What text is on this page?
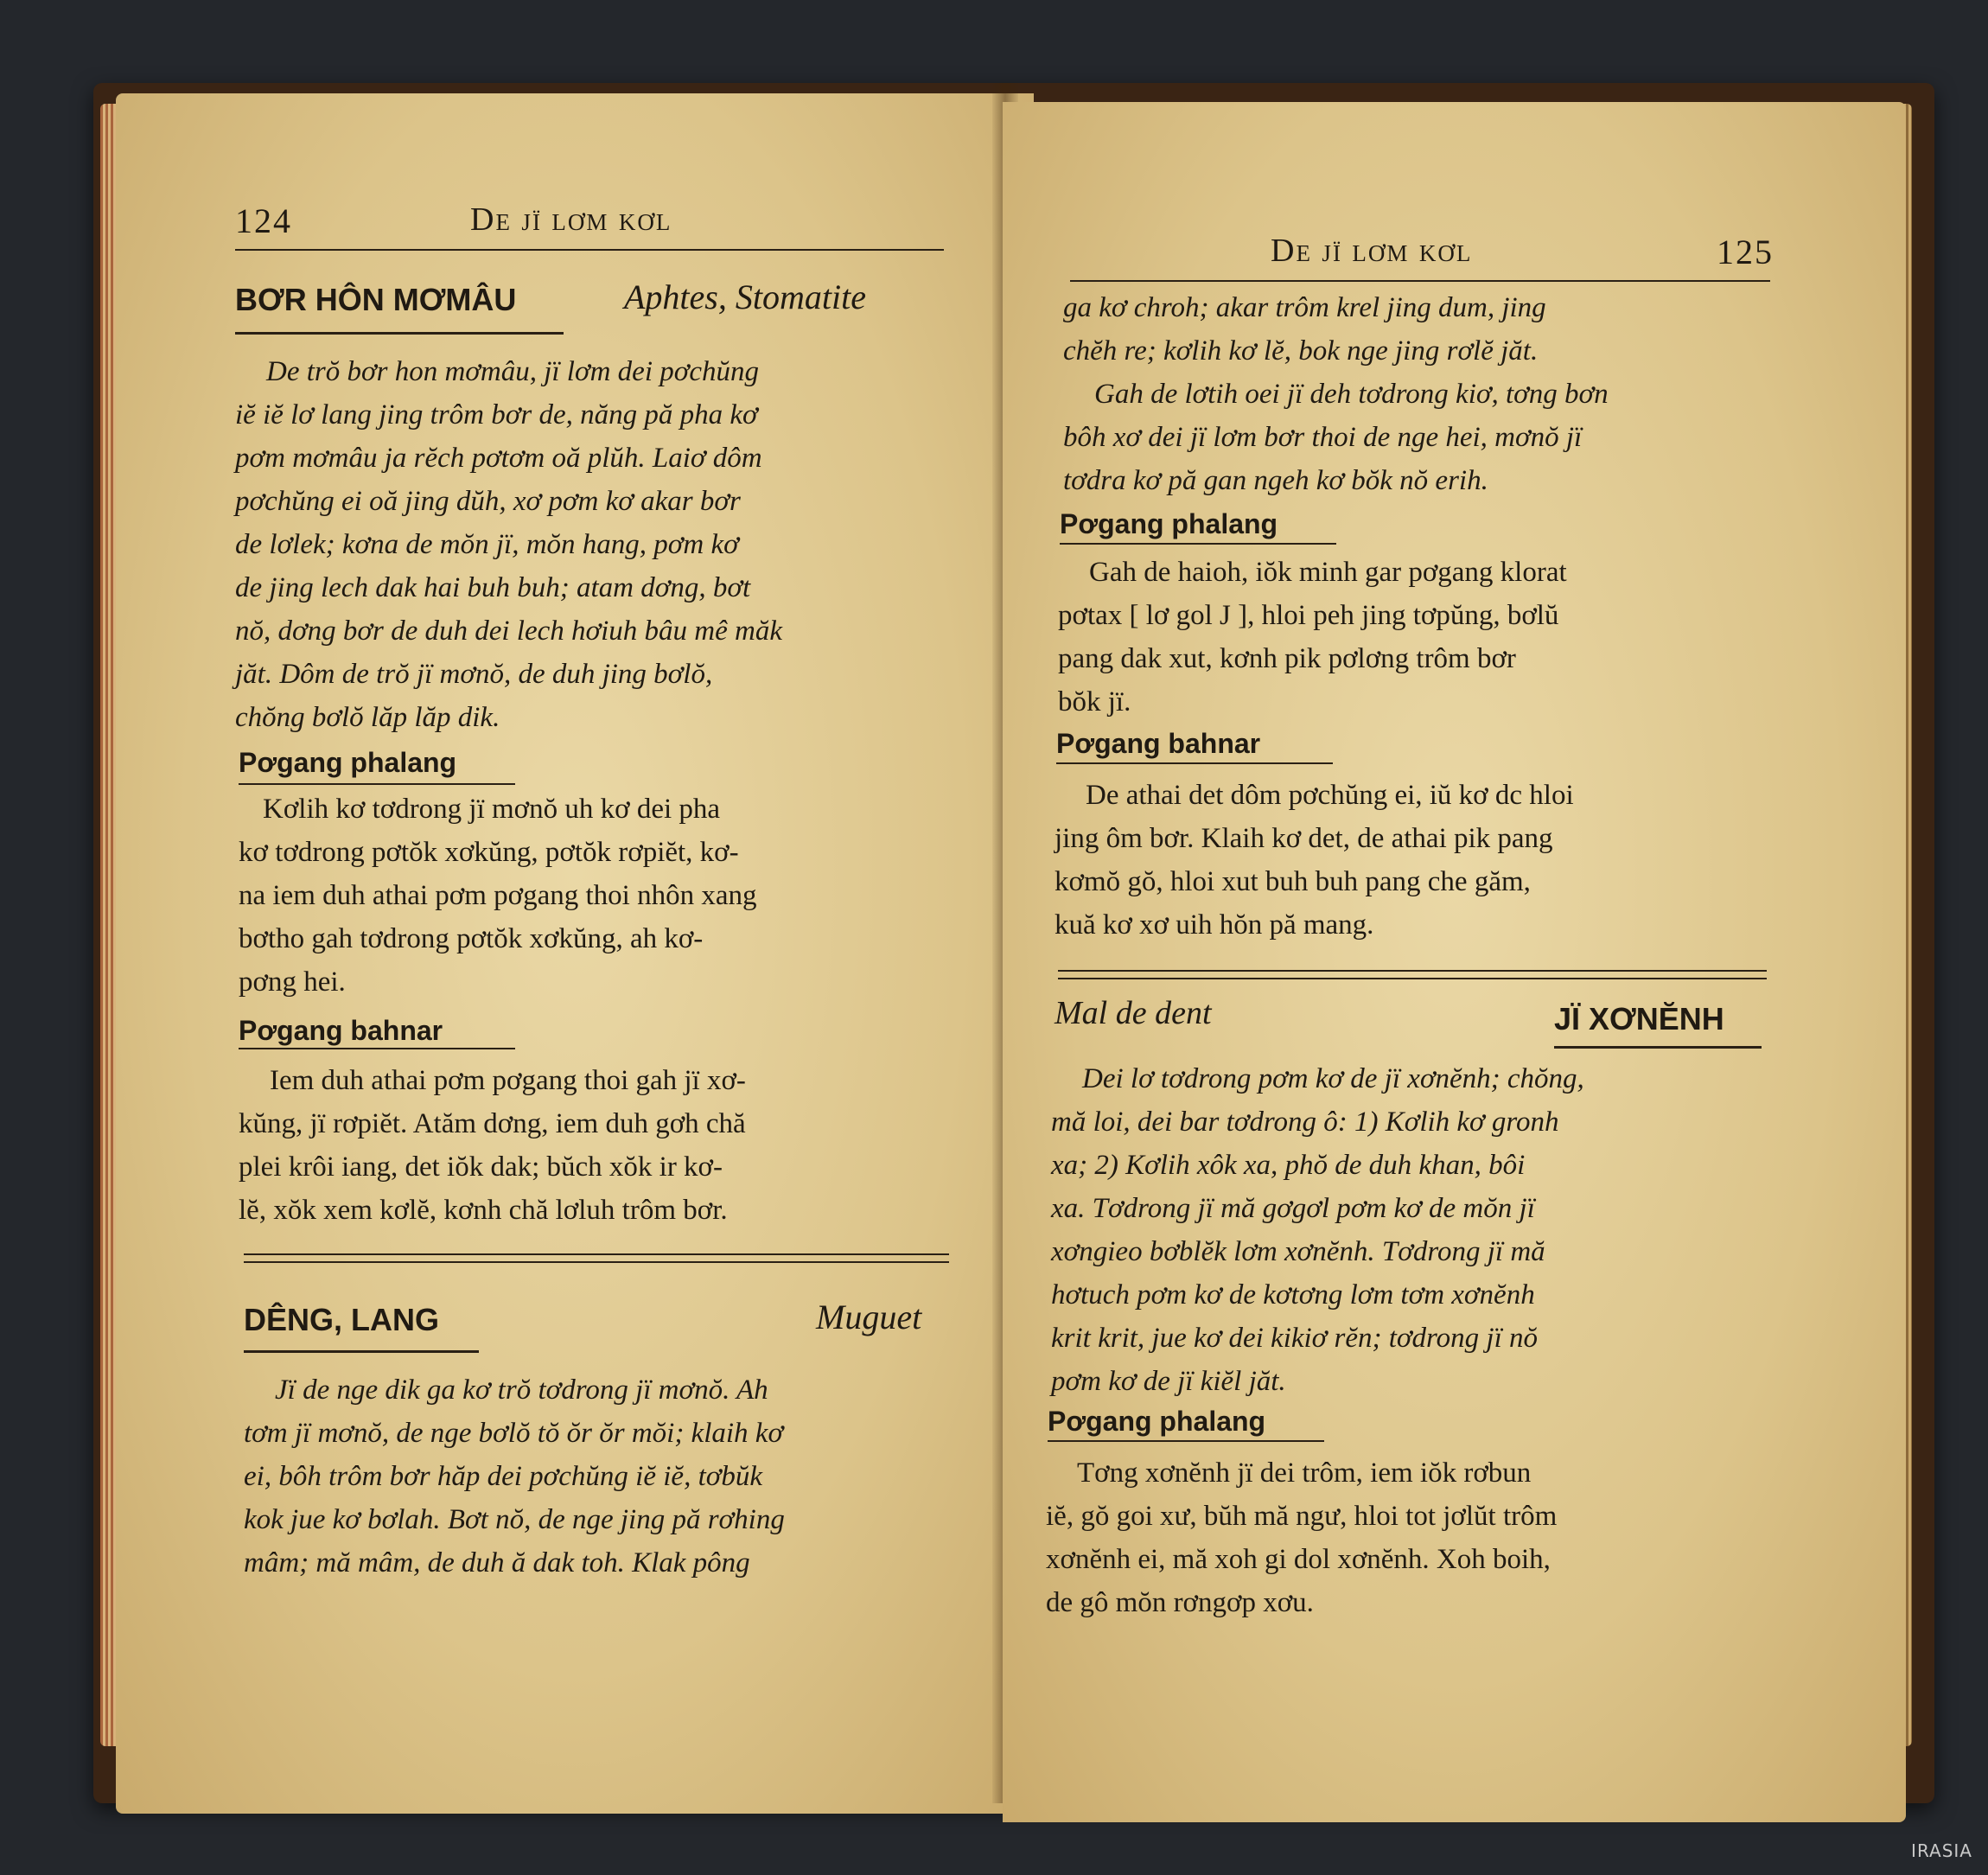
124	De jï lơm kơl
BƠR HÔN MƠMÂU	Aphtes, Stomatite
De trŏ bơr hon mơmâu, jï lơm dei pơchŭng
iĕ iĕ lơ lang jing trôm bơr de, năng pă pha kơ
pơm mơmâu ja rĕch pơtơm oă plŭh. Laiơ dôm
pơchŭng ei oă jing dŭh, xơ pơm kơ akar bơr
de lơlek; kơna de mŏn jï, mŏn hang, pơm kơ
de jing lech dak hai buh buh; atam dơng, bơt
nŏ, dơng bơr de duh dei lech hơiuh bâu mê măk
jăt. Dôm de trŏ jï mơnŏ, de duh jing bơlŏ,
chŏng bơlŏ lăp lăp dik.
Pơgang phalang
Kơlih kơ tơdrong jï mơnŏ uh kơ dei pha
kơ tơdrong pơtŏk xơkŭng, pơtŏk rơpiĕt, kơ-
na iem duh athai pơm pơgang thoi nhôn xang
bơtho gah tơdrong pơtŏk xơkŭng, ah kơ-
pơng hei.
Pơgang bahnar
Iem duh athai pơm pơgang thoi gah jï xơ-
kŭng, jï rơpiĕt. Atăm dơng, iem duh gơh chă
plei krôi iang, det iŏk dak; bŭch xŏk ir kơ-
lĕ, xŏk xem kơlĕ, kơnh chă lơluh trôm bơr.
DÊNG, LANG	Muguet
Jï de nge dik ga kơ trŏ tơdrong jï mơnŏ. Ah
tơm jï mơnŏ, de nge bơlŏ tŏ ŏr ŏr mŏi; klaih kơ
ei, bôh trôm bơr hăp dei pơchŭng iĕ iĕ, tơbŭk
kok jue kơ bơlah. Bơt nŏ, de nge jing pă rơhing
mâm; mă mâm, de duh ă dak toh. Klak pông
De jï lơm kơl	125
ga kơ chroh; akar trôm krel jing dum, jing
chĕh re; kơlih kơ lĕ, bok nge jing rơlĕ jăt.
Gah de lơtih oei jï deh tơdrong kiơ, tơng bơn
bôh xơ dei jï lơm bơr thoi de nge hei, mơnŏ jï
tơdra kơ pă gan ngeh kơ bŏk nŏ erih.
Pơgang phalang
Gah de haioh, iŏk minh gar pơgang klorat
pơtax [ lơ gol J ], hloi peh jing tơpŭng, bơlŭ
pang dak xut, kơnh pik pơlơng trôm bơr
bŏk jï.
Pơgang bahnar
De athai det dôm pơchŭng ei, iŭ kơ dc hloi
jing ôm bơr. Klaih kơ det, de athai pik pang
kơmŏ gŏ, hloi xut buh buh pang che găm,
kuă kơ xơ uih hŏn pă mang.
Mal de dent	JÏ XƠNĔNH
Dei lơ tơdrong pơm kơ de jï xơnĕnh; chŏng,
mă loi, dei bar tơdrong ô: 1) Kơlih kơ gronh
xa; 2) Kơlih xôk xa, phŏ de duh khan, bôi
xa. Tơdrong jï mă gơgơl pơm kơ de mŏn jï
xơngieo bơblĕk lơm xơnĕnh. Tơdrong jï mă
hơtuch pơm kơ de kơtơng lơm tơm xơnĕnh
krit krit, jue kơ dei kikiơ rĕn; tơdrong jï nŏ
pơm kơ de jï kiĕl jăt.
Pơgang phalang
Tơng xơnĕnh jï dei trôm, iem iŏk rơbun
iĕ, gŏ goi xư, bŭh mă ngư, hloi tot jơlŭt trôm
xơnĕnh ei, mă xoh gi dol xơnĕnh. Xoh boih,
de gô mŏn rơngơp xơu.
IRASIA
